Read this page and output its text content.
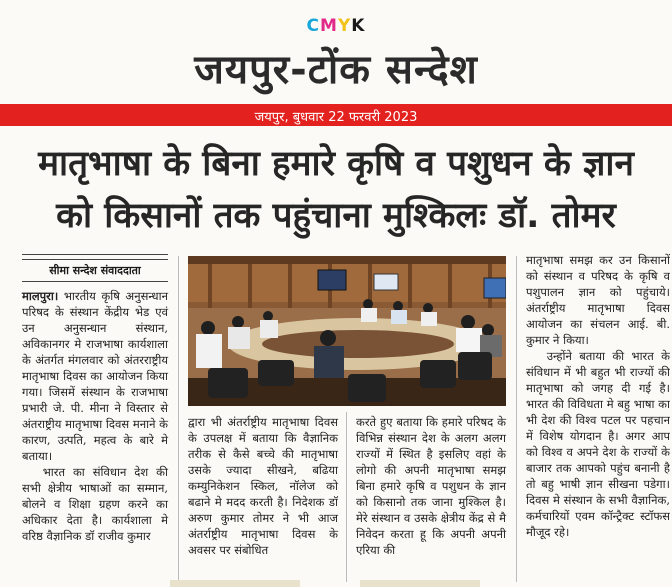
CMYK
जयपुर-टोंक सन्देश
जयपुर, बुधवार 22 फरवरी 2023
मातृभाषा के बिना हमारे कृषि व पशुधन के ज्ञान
को किसानों तक पहुंचाना मुश्किलः डॉ. तोमर
सीमा सन्देश संवाददाता

मालपुरा। भारतीय कृषि अनुसन्धान परिषद के संस्थान केंद्रीय भेड एवं उन अनुसन्धान संस्थान, अविकानगर मे राजभाषा कार्यशाला के अंतर्गत मंगलवार को अंतरराष्ट्रीय मातृभाषा दिवस का आयोजन किया गया। जिसमें संस्थान के राजभाषा प्रभारी जे. पी. मीना ने विस्तार से अंतराष्ट्रीय मातृभाषा दिवस मनाने के कारण, उत्पति, महत्व के बारे मे बताया।

भारत का संविधान देश की सभी क्षेत्रीय भाषाओं का सम्मान, बोलने व शिक्षा ग्रहण करने का अधिकार देता है। कार्यशाला मे वरिष्ठ वैज्ञानिक डॉ राजीव कुमार

द्वारा भी अंतर्राष्ट्रीय मातृभाषा दिवस के उपलक्ष में बताया कि वैज्ञानिक तरीक से कैसे बच्चे की मातृभाषा उसके ज्यादा सीखने, बढिया कम्युनिकेशन स्किल, नॉलेज को बढाने मे मदद करती है। निदेशक डॉ अरुण कुमार तोमर ने भी आज अंतर्राष्ट्रीय मातृभाषा दिवस के अवसर पर संबोधित

करते हुए बताया कि हमारे परिषद के विभिन्न संस्थान देश के अलग अलग राज्यों में स्थित है इसलिए वहां के लोगो की अपनी मातृभाषा समझ बिना हमारे कृषि व पशुधन के ज्ञान को किसानो तक जाना मुश्किल है। मेरे संस्थान व उसके क्षेत्रीय केंद्र से मै निवेदन करता हू कि अपनी अपनी एरिया की

मातृभाषा समझ कर उन किसानों को संस्थान व परिषद के कृषि व पशुपालन ज्ञान को पहुंचाये। अंतर्राष्ट्रीय मातृभाषा दिवस आयोजन का संचलन आई. बी. कुमार ने किया।

उन्होंने बताया की भारत के संविधान में भी बहुत भी राज्यों की मातृभाषा को जगह दी गई है। भारत की विविधता मे बहु भाषा का भी देश की विश्व पटल पर पहचान में विशेष योगदान है। अगर आप को विश्व व अपने देश के राज्यों के बाजार तक आपको पहुंच बनानी है तो बहु भाषी ज्ञान सीखना पडेगा। दिवस मे संस्थान के सभी वैज्ञानिक, कर्मचारियों एवम कॉन्ट्रैक्ट स्टॉफस मौजूद रहे।
